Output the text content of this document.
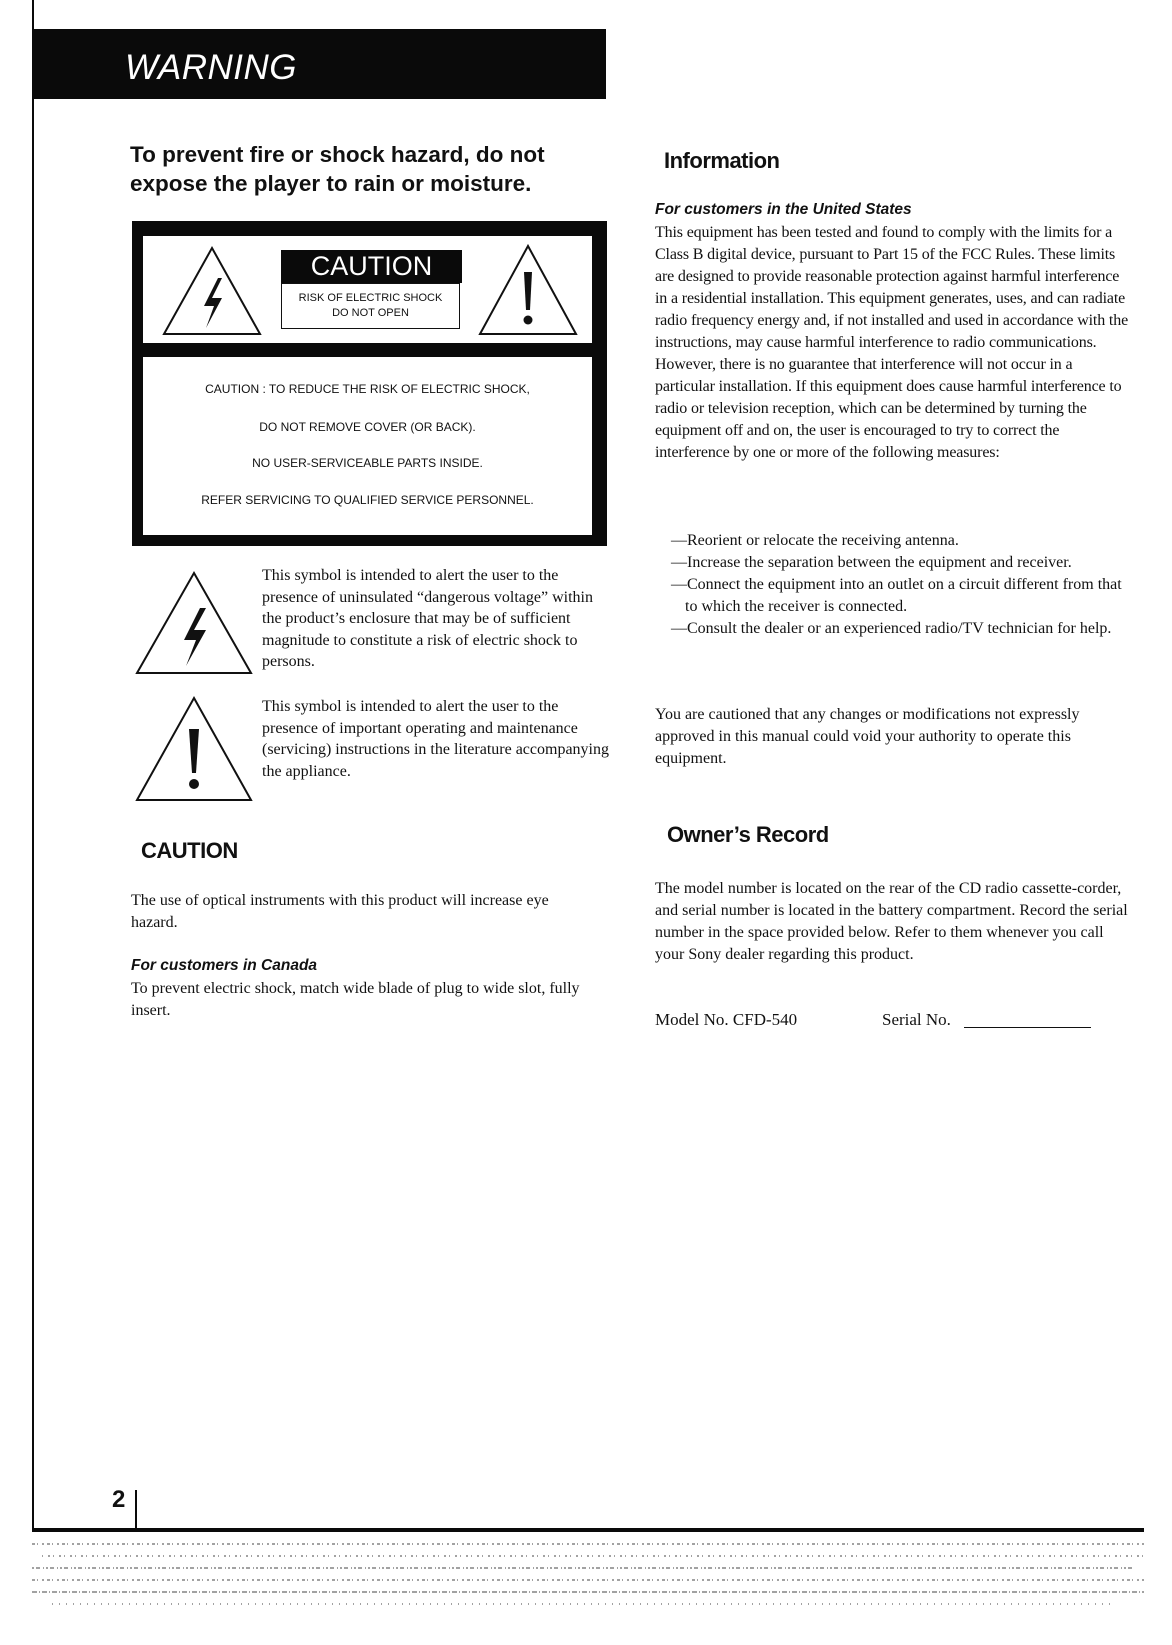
WARNING
To prevent fire or shock hazard, do not expose the player to rain or moisture.
CAUTION
RISK OF ELECTRIC SHOCK
DO NOT OPEN
CAUTION : TO REDUCE THE RISK OF ELECTRIC SHOCK,
DO NOT REMOVE COVER (OR BACK).
NO USER-SERVICEABLE PARTS INSIDE.
REFER SERVICING TO QUALIFIED SERVICE PERSONNEL.
This symbol is intended to alert the user to the presence of uninsulated “dangerous voltage” within the product’s enclosure that may be of sufficient magnitude to constitute a risk of electric shock to persons.
This symbol is intended to alert the user to the presence of important operating and maintenance (servicing) instructions in the literature accompanying the appliance.
CAUTION
The use of optical instruments with this product will increase eye hazard.
For customers in Canada
To prevent electric shock, match wide blade of plug to wide slot, fully insert.
Information
For customers in the United States
This equipment has been tested and found to comply with the limits for a Class B digital device, pursuant to Part 15 of the FCC Rules. These limits are designed to provide reasonable protection against harmful interference in a residential installation. This equipment generates, uses, and can radiate radio frequency energy and, if not installed and used in accordance with the instructions, may cause harmful interference to radio communications. However, there is no guarantee that interference will not occur in a particular installation. If this equipment does cause harmful interference to radio or television reception, which can be determined by turning the equipment off and on, the user is encouraged to try to correct the interference by one or more of the following measures:

—Reorient or relocate the receiving antenna.

—Increase the separation between the equipment and receiver.

—Connect the equipment into an outlet on a circuit different from that to which the receiver is connected.

—Consult the dealer or an experienced radio/TV technician for help.

You are cautioned that any changes or modifications not expressly approved in this manual could void your authority to operate this equipment.
Owner’s Record
The model number is located on the rear of the CD radio cassette-corder, and serial number is located in the battery compartment. Record the serial number in the space provided below. Refer to them whenever you call your Sony dealer regarding this product.
Model No. CFD-540	Serial No.
2
